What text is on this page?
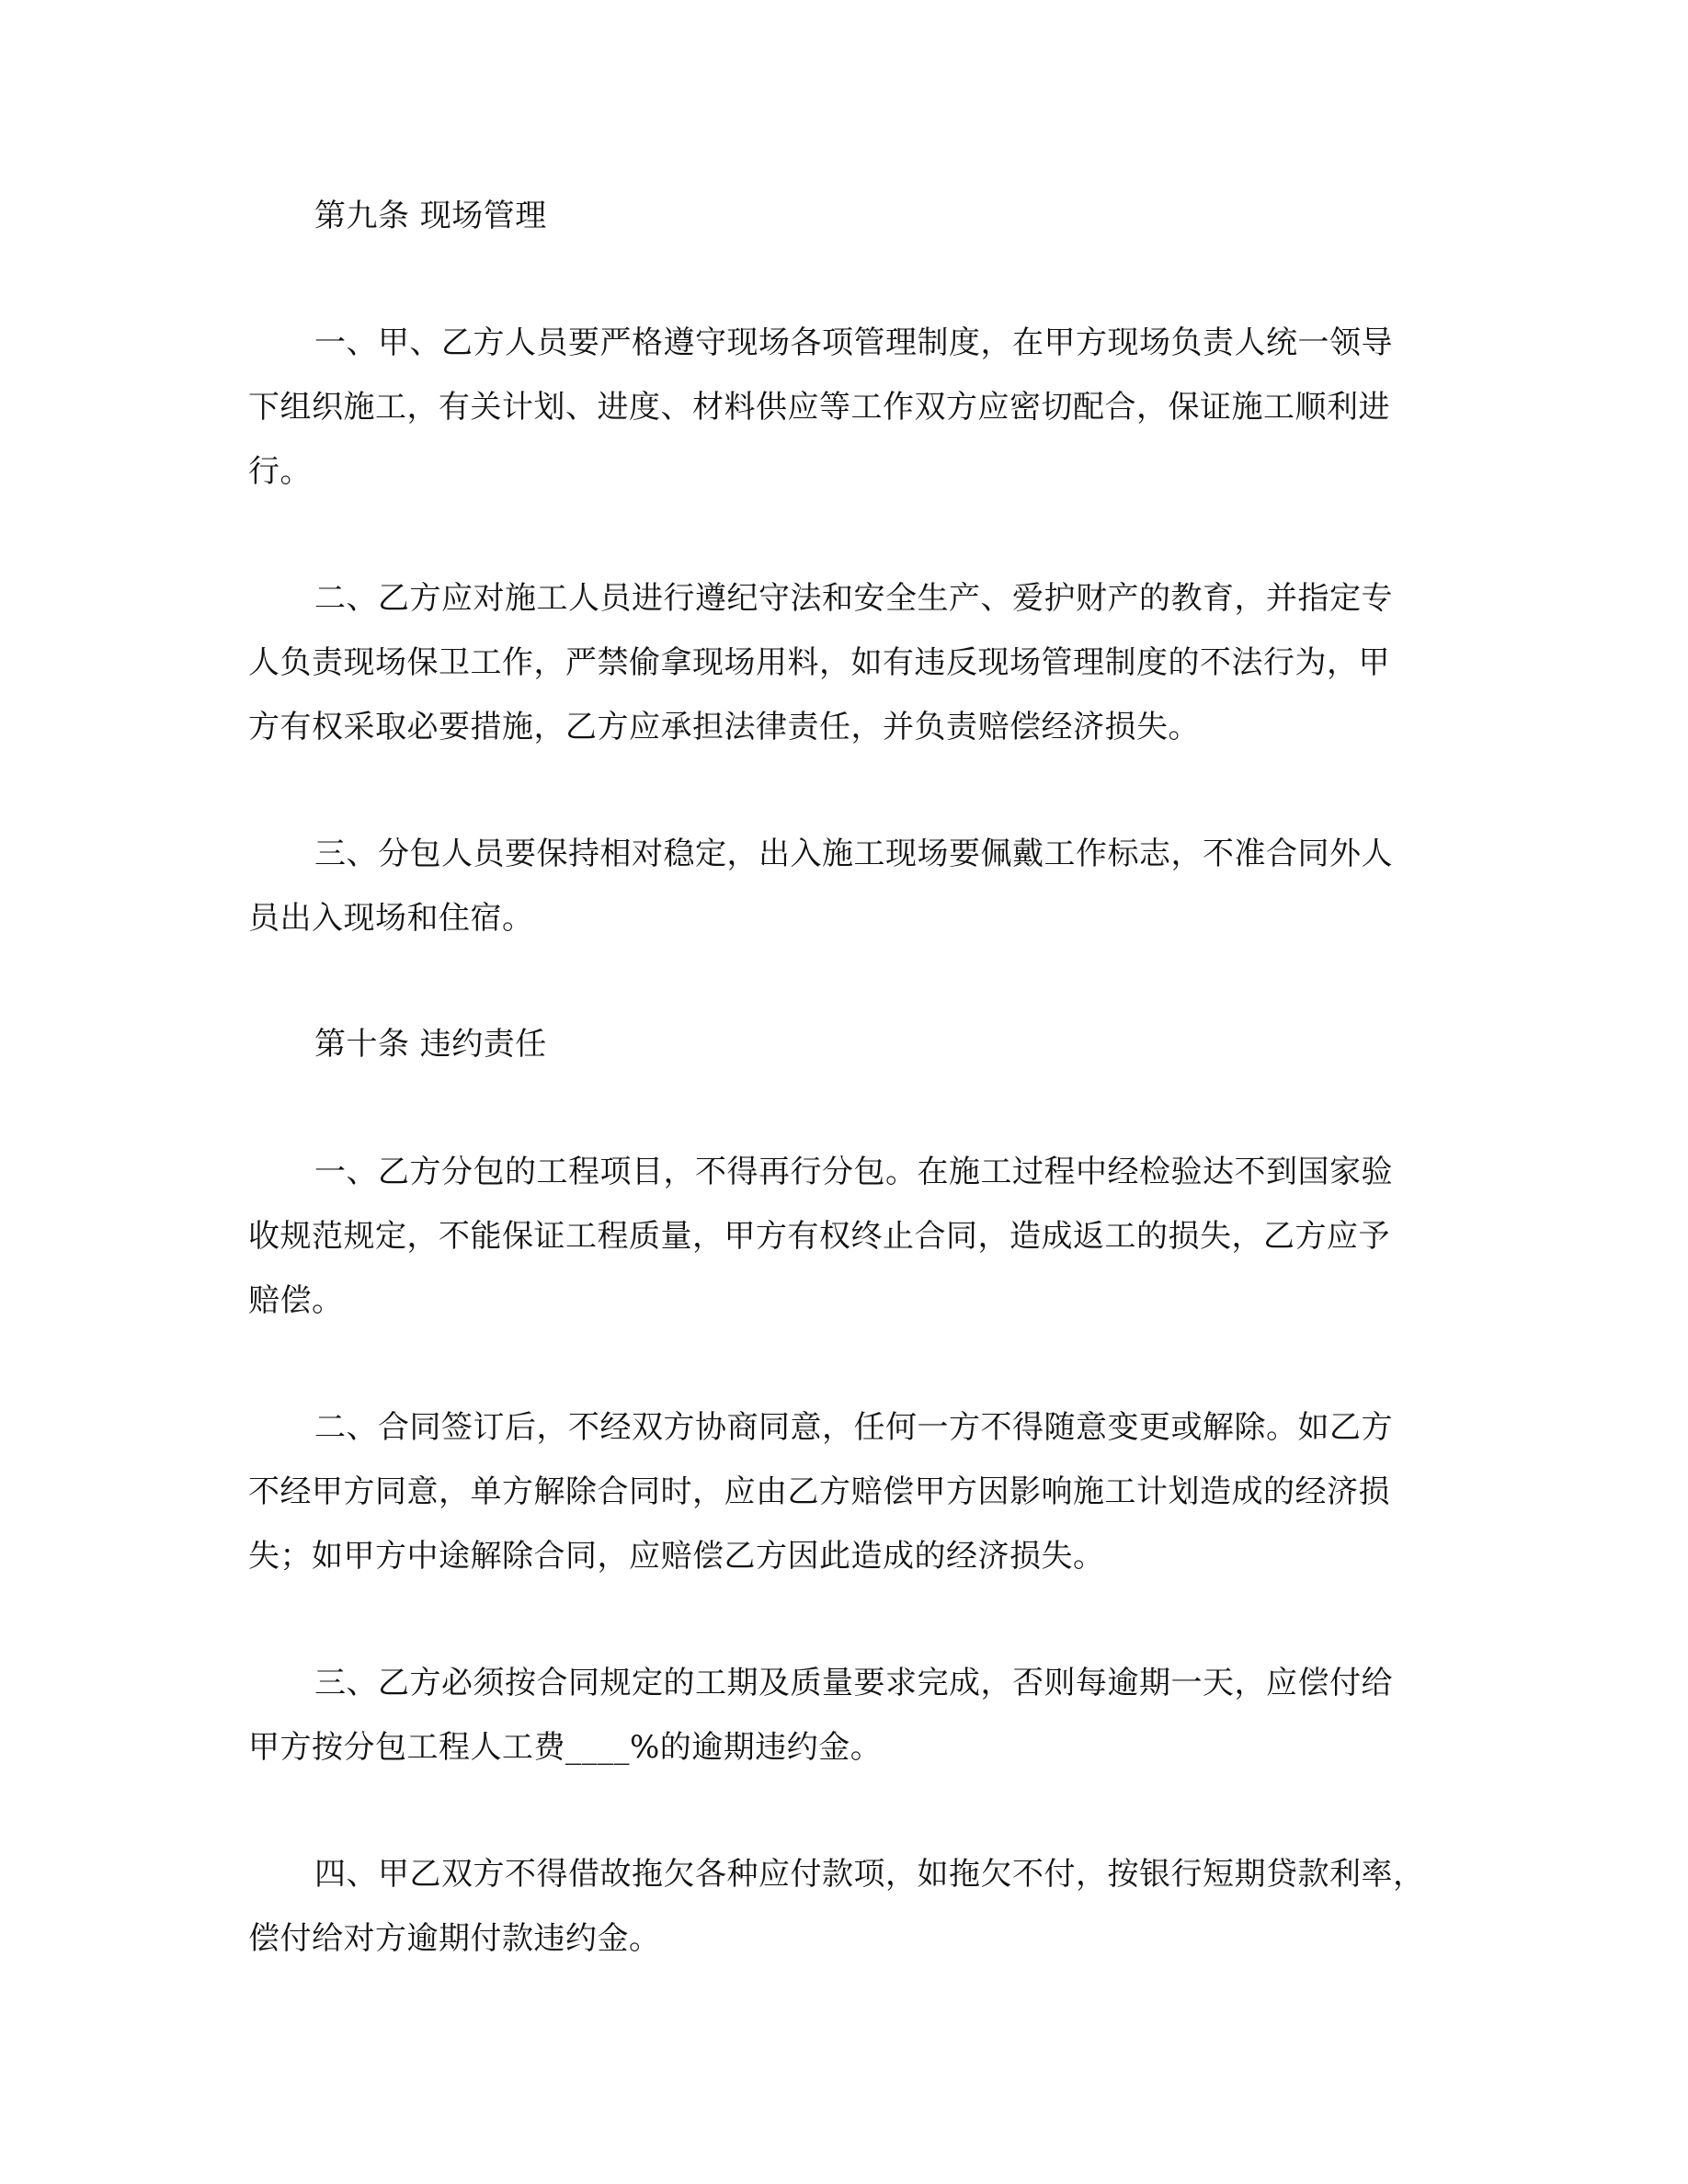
第九条 现场管理
一、甲、乙方人员要严格遵守现场各项管理制度，在甲方现场负责人统一领导
下组织施工，有关计划、进度、材料供应等工作双方应密切配合，保证施工顺利进
行。
二、乙方应对施工人员进行遵纪守法和安全生产、爱护财产的教育，并指定专
人负责现场保卫工作，严禁偷拿现场用料，如有违反现场管理制度的不法行为，甲
方有权采取必要措施，乙方应承担法律责任，并负责赔偿经济损失。
三、分包人员要保持相对稳定，出入施工现场要佩戴工作标志，不准合同外人
员出入现场和住宿。
第十条 违约责任
一、乙方分包的工程项目，不得再行分包。在施工过程中经检验达不到国家验
收规范规定，不能保证工程质量，甲方有权终止合同，造成返工的损失，乙方应予
赔偿。
二、合同签订后，不经双方协商同意，任何一方不得随意变更或解除。如乙方
不经甲方同意，单方解除合同时，应由乙方赔偿甲方因影响施工计划造成的经济损
失；如甲方中途解除合同，应赔偿乙方因此造成的经济损失。
三、乙方必须按合同规定的工期及质量要求完成，否则每逾期一天，应偿付给
甲方按分包工程人工费____%的逾期违约金。
四、甲乙双方不得借故拖欠各种应付款项，如拖欠不付，按银行短期贷款利率，
偿付给对方逾期付款违约金。
